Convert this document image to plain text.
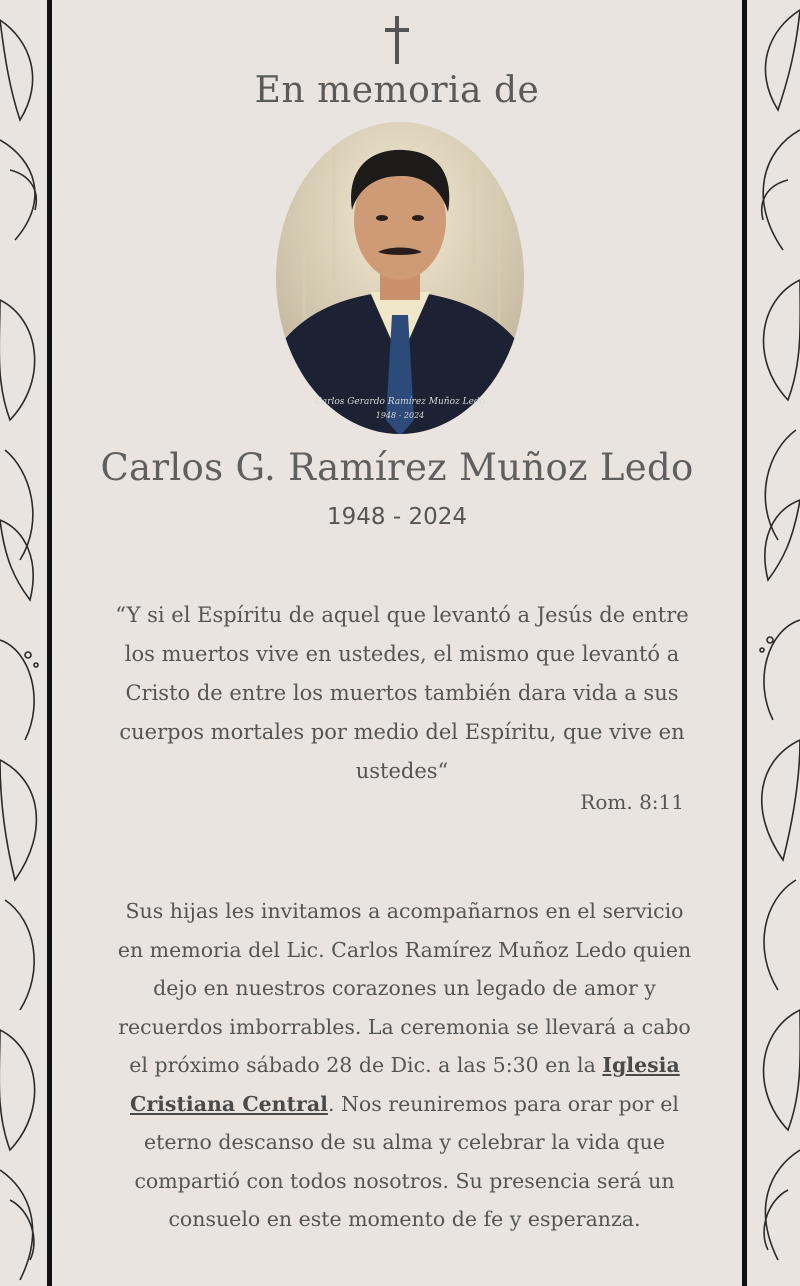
En memoria de
Carlos Gerardo Ramírez Muñoz Ledo
1948 - 2024
Carlos G. Ramírez Muñoz Ledo
1948 - 2024
“Y si el Espíritu de aquel que levantó a Jesús de entre los muertos vive en ustedes, el mismo que levantó a Cristo de entre los muertos también dara vida a sus cuerpos mortales por medio del Espíritu, que vive en ustedes“
Rom. 8:11
Sus hijas les invitamos a acompañarnos en el servicio en memoria del Lic. Carlos Ramírez Muñoz Ledo quien dejo en nuestros corazones un legado de amor y recuerdos imborrables. La ceremonia se llevará a cabo el próximo sábado 28 de Dic. a las 5:30 en la Iglesia Cristiana Central. Nos reuniremos para orar por el eterno descanso de su alma y celebrar la vida que compartió con todos nosotros. Su presencia será un consuelo en este momento de fe y esperanza.
